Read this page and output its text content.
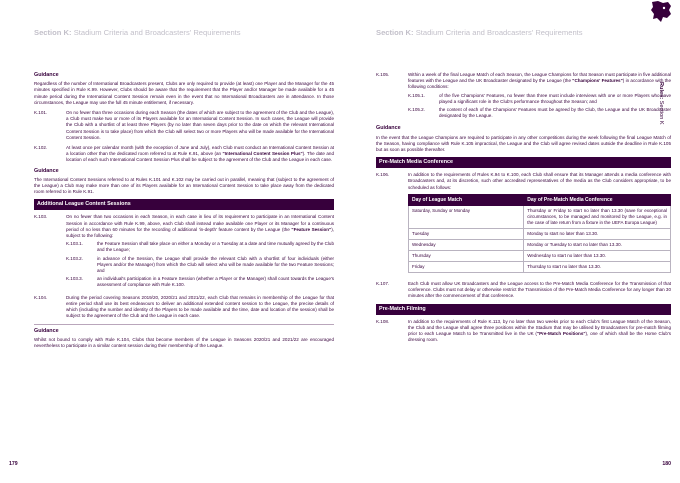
Section K: Stadium Criteria and Broadcasters' Requirements
Guidance
Regardless of the number of International Broadcasters present, Clubs are only required to provide (at least) one Player and the Manager for the 45 minutes specified in Rule K.99. However, Clubs should be aware that the requirement that the Player and/or Manager be made available for a 45 minute period during the International Content Session remain even in the event that no International Broadcasters are in attendance. In those circumstances, the League may use the full 45 minute entitlement, if necessary.
K.101.	On no fewer than three occasions during each Season (the dates of which are subject to the agreement of the Club and the League), a Club must make two or more of its Players available for an International Content Session. In such cases, the League will provide the Club with a shortlist of at least three Players (by no later than seven days prior to the date on which the relevant International Content Session is to take place) from which the Club will select two or more Players who will be made available for the International Content Session.
K.102.	At least once per calendar month (with the exception of June and July), each Club must conduct an International Content Session at a location other than the dedicated room referred to at Rule K.91, above (an "International Content Session Plus"). The date and location of each such International Content Session Plus shall be subject to the agreement of the Club and the League in each case.
Guidance
The International Content Sessions referred to at Rules K.101 and K.102 may be carried out in parallel, meaning that (subject to the agreement of the League) a Club may make more than one of its Players available for an International Content Session to take place away from the dedicated room referred to in Rule K.91.
Additional League Content Sessions
K.103.	On no fewer than two occasions in each Season, in each case in lieu of its requirement to participate in an International Content Session in accordance with Rule K.99, above, each Club shall instead make available one Player or its Manager for a continuous period of no less than 60 minutes for the recording of additional 'in-depth' feature content by the League (the "Feature Session"), subject to the following:
K.103.1.	the Feature Session shall take place on either a Monday or a Tuesday at a date and time mutually agreed by the Club and the League;
K.103.2.	in advance of the Session, the League shall provide the relevant Club with a shortlist of four individuals (either Players and/or the Manager) from which the Club will select who will be made available for the two Feature Sessions; and
K.103.3.	an individual's participation in a Feature Session (whether a Player or the Manager) shall count towards the League's assessment of compliance with Rule K.100.
K.104.	During the period covering Seasons 2019/20, 2020/21 and 2021/22, each Club that remains in membership of the League for that entire period shall use its best endeavours to deliver an additional extended content session to the League, the precise details of which (including the number and identity of the Players to be made available and the time, date and location of the session) shall be subject to the agreement of the Club and the League in each case.
Guidance
Whilst not bound to comply with Rule K.104, Clubs that become members of the League in Seasons 2020/21 and 2021/22 are encouraged nevertheless to participate in a similar content session during their membership of the League.
179
Section K: Stadium Criteria and Broadcasters' Requirements
K.105.	Within a week of the final League Match of each Season, the League Champions for that Season must participate in five additional features with the League and the UK Broadcaster designated by the League (the "Champions' Features") in accordance with the following conditions:
K.105.1.	of the five Champions' Features, no fewer than three must include interviews with one or more Players who have played a significant role in the Club's performance throughout the Season; and
K.105.2.	the content of each of the Champions' Features must be agreed by the Club, the League and the UK Broadcaster designated by the League.
Guidance
In the event that the League Champions are required to participate in any other competitions during the week following the final League Match of the Season, having compliance with Rule K.105 impractical, the League and the Club will agree revised dates outside the deadline in Rule K.105 but as soon as possible thereafter.
Pre-Match Media Conference
K.106.	In addition to the requirements of Rules K.94 to K.100, each Club shall ensure that its Manager attends a media conference with Broadcasters and, at its discretion, such other accredited representatives of the media as the Club considers appropriate, to be scheduled as follows:
Day of League Match	Day of Pre-Match Media Conference
Saturday, Sunday or Monday	Thursday or Friday to start no later than 13.30 (save for exceptional circumstances, to be managed and monitored by the League, e.g. in the case of late return from a fixture in the UEFA Europa League)
Tuesday	Monday to start no later than 13.30.
Wednesday	Monday or Tuesday to start no later than 13.30.
Thursday	Wednesday to start no later than 13.30.
Friday	Thursday to start no later than 13.30.
K.107.	Each Club must allow UK Broadcasters and the League access to the Pre-Match Media Conference for the Transmission of that conference. Clubs must not delay or otherwise restrict the Transmission of the Pre-Match Media Conference for any longer than 30 minutes after the commencement of that conference.
Pre-Match Filming
K.108.	In addition to the requirements of Rule K.113, by no later than two weeks prior to each Club's first League Match of the Season, the Club and the League shall agree three positions within the Stadium that may be utilised by Broadcasters for pre-match filming prior to each League Match to be Transmitted live in the UK ("Pre-Match Positions"), one of which shall be the Home Club's dressing room.
180
Rules: Section K
